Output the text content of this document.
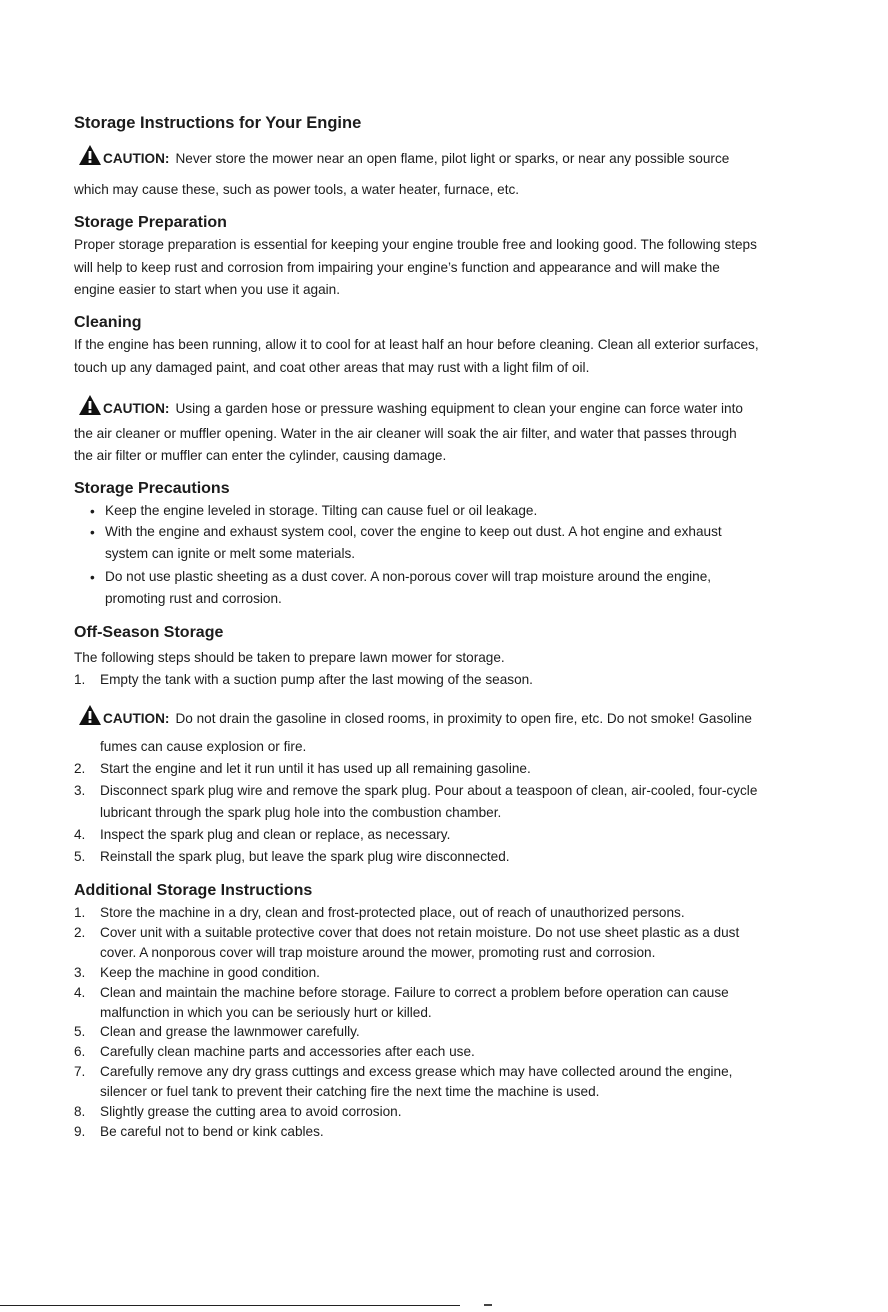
Storage Instructions for Your Engine
CAUTION: Never store the mower near an open flame, pilot light or sparks, or near any possible source

which may cause these, such as power tools, a water heater, furnace, etc.

Storage Preparation

Proper storage preparation is essential for keeping your engine trouble free and looking good. The following steps

will help to keep rust and corrosion from impairing your engine’s function and appearance and will make the

engine easier to start when you use it again.

Cleaning

If the engine has been running, allow it to cool for at least half an hour before cleaning. Clean all exterior surfaces,

touch up any damaged paint, and coat other areas that may rust with a light film of oil.

CAUTION: Using a garden hose or pressure washing equipment to clean your engine can force water into

the air cleaner or muffler opening. Water in the air cleaner will soak the air filter, and water that passes through

the air filter or muffler can enter the cylinder, causing damage.

Storage Precautions
• Keep the engine leveled in storage. Tilting can cause fuel or oil leakage.

• With the engine and exhaust system cool, cover the engine to keep out dust. A hot engine and exhaust

system can ignite or melt some materials.

• Do not use plastic sheeting as a dust cover. A non-porous cover will trap moisture around the engine,

promoting rust and corrosion.

Off-Season Storage

The following steps should be taken to prepare lawn mower for storage.

1. Empty the tank with a suction pump after the last mowing of the season.

CAUTION: Do not drain the gasoline in closed rooms, in proximity to open fire, etc. Do not smoke! Gasoline

fumes can cause explosion or fire.

2. Start the engine and let it run until it has used up all remaining gasoline.

3. Disconnect spark plug wire and remove the spark plug. Pour about a teaspoon of clean, air-cooled, four-cycle

lubricant through the spark plug hole into the combustion chamber.

4. Inspect the spark plug and clean or replace, as necessary.

5. Reinstall the spark plug, but leave the spark plug wire disconnected.

Additional Storage Instructions
1. Store the machine in a dry, clean and frost-protected place, out of reach of unauthorized persons.

2. Cover unit with a suitable protective cover that does not retain moisture. Do not use sheet plastic as a dust

cover. A nonporous cover will trap moisture around the mower, promoting rust and corrosion.

3. Keep the machine in good condition.

4. Clean and maintain the machine before storage. Failure to correct a problem before operation can cause

malfunction in which you can be seriously hurt or killed.

5. Clean and grease the lawnmower carefully.

6. Carefully clean machine parts and accessories after each use.

7. Carefully remove any dry grass cuttings and excess grease which may have collected around the engine,

silencer or fuel tank to prevent their catching fire the next time the machine is used.

8. Slightly grease the cutting area to avoid corrosion.

9. Be careful not to bend or kink cables.
